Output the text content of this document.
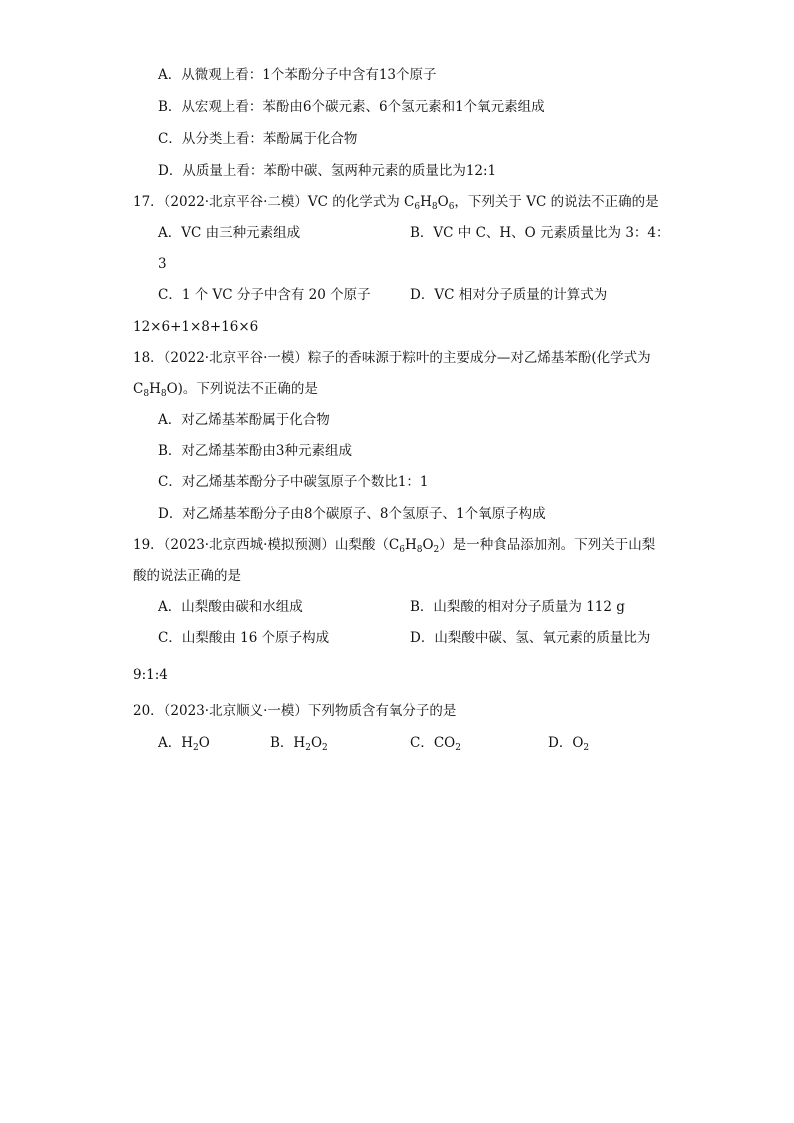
A．从微观上看：1个苯酚分子中含有13个原子
B．从宏观上看：苯酚由6个碳元素、6个氢元素和1个氧元素组成
C．从分类上看：苯酚属于化合物
D．从质量上看：苯酚中碳、氢两种元素的质量比为12:1
17．（2022·北京平谷·二模）VC 的化学式为 $C_6H_8O_6$，下列关于 VC 的说法不正确的是
A．VC 由三种元素组成	B．VC 中 C、H、O 元素质量比为 3：4：
3
C．1 个 VC 分子中含有 20 个原子	D．VC 相对分子质量的计算式为
12×6+1×8+16×6
18．（2022·北京平谷·一模）粽子的香味源于粽叶的主要成分—对乙烯基苯酚(化学式为
$C_8H_8O$)。下列说法不正确的是
A．对乙烯基苯酚属于化合物
B．对乙烯基苯酚由3种元素组成
C．对乙烯基苯酚分子中碳氢原子个数比1：1
D．对乙烯基苯酚分子由8个碳原子、8个氢原子、1个氧原子构成
19．（2023·北京西城·模拟预测）山梨酸$(C_6H_8O_2)$是一种食品添加剂。下列关于山梨
酸的说法正确的是
A．山梨酸由碳和水组成	B．山梨酸的相对分子质量为 112 g
C．山梨酸由 16 个原子构成	D．山梨酸中碳、氢、氧元素的质量比为
9:1:4
20．（2023·北京顺义·一模）下列物质含有氧分子的是
A．$H_2O$	B．$H_2O_2$	C．$CO_2$	D．$O_2$
